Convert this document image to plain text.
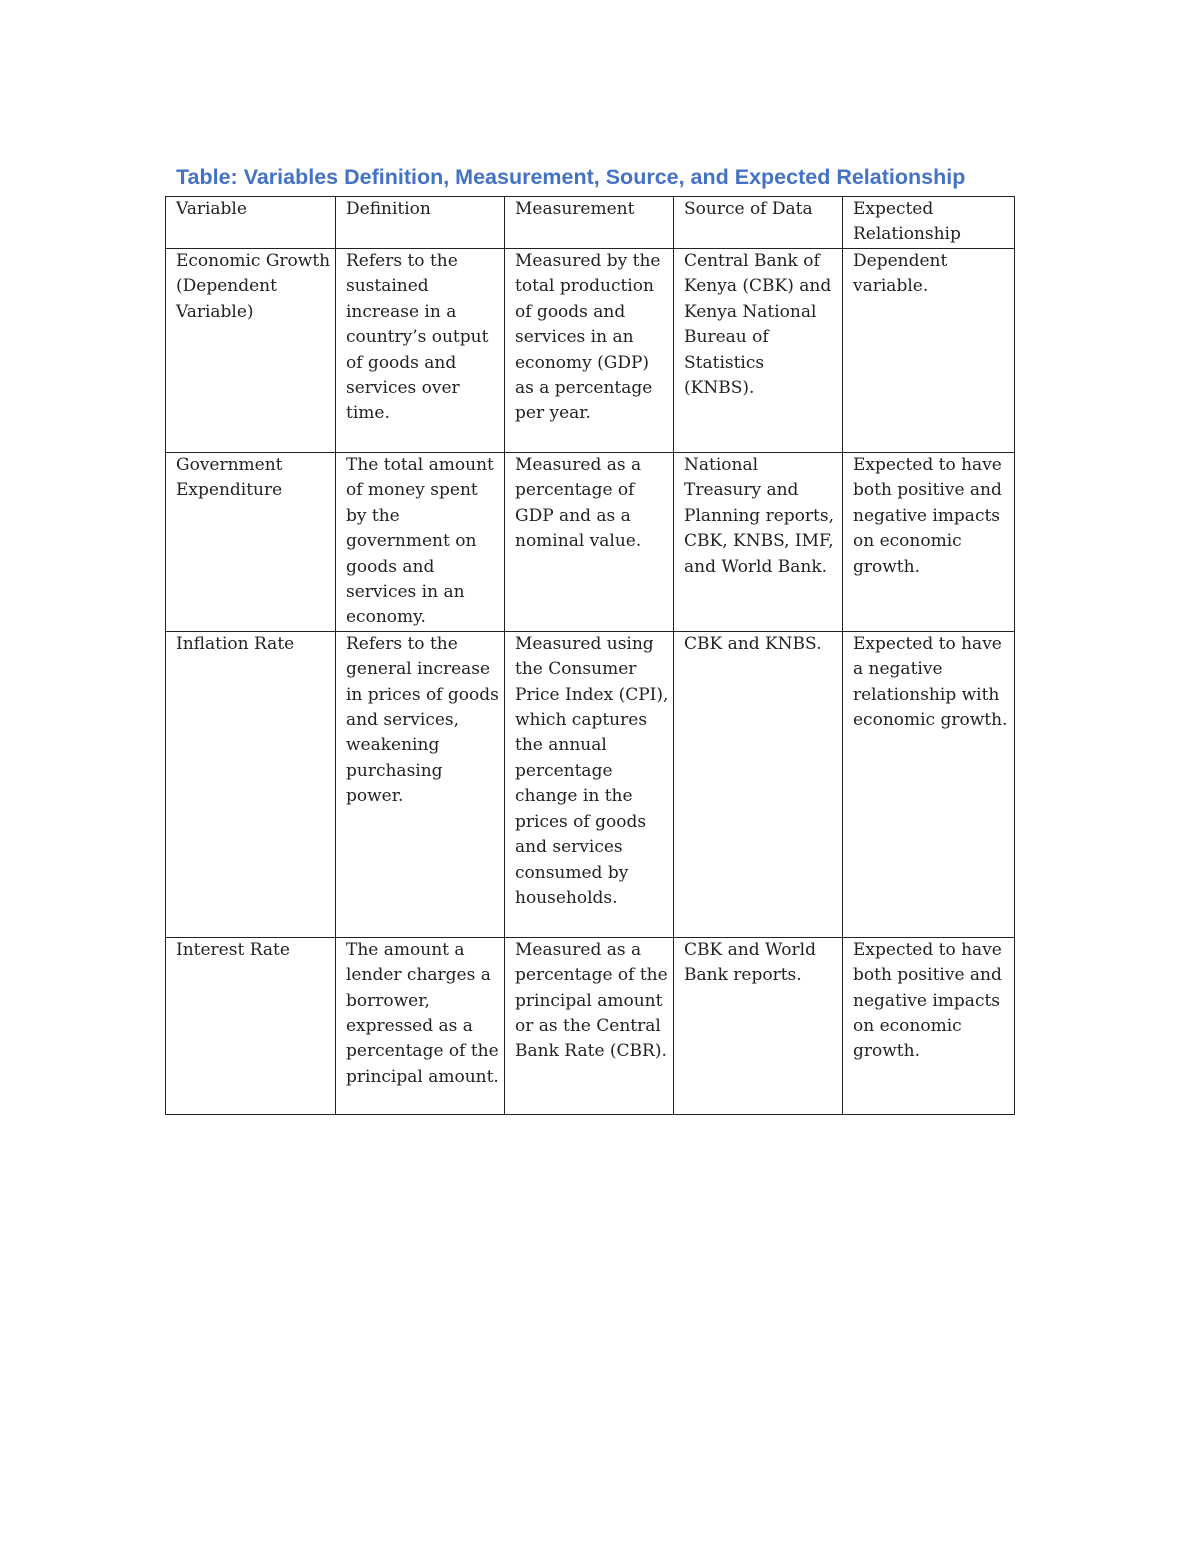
Table: Variables Definition, Measurement, Source, and Expected Relationship
Variable	Definition	Measurement	Source of Data	Expected Relationship
Economic Growth (Dependent Variable)	Refers to the sustained increase in a country’s output of goods and services over time.	Measured by the total production of goods and services in an economy (GDP) as a percentage per year.	Central Bank of Kenya (CBK) and Kenya National Bureau of Statistics (KNBS).	Dependent variable.
Government Expenditure	The total amount of money spent by the government on goods and services in an economy.	Measured as a percentage of GDP and as a nominal value.	National Treasury and Planning reports, CBK, KNBS, IMF, and World Bank.	Expected to have both positive and negative impacts on economic growth.
Inflation Rate	Refers to the general increase in prices of goods and services, weakening purchasing power.	Measured using the Consumer Price Index (CPI), which captures the annual percentage change in the prices of goods and services consumed by households.	CBK and KNBS.	Expected to have a negative relationship with economic growth.
Interest Rate	The amount a lender charges a borrower, expressed as a percentage of the principal amount.	Measured as a percentage of the principal amount or as the Central Bank Rate (CBR).	CBK and World Bank reports.	Expected to have both positive and negative impacts on economic growth.
